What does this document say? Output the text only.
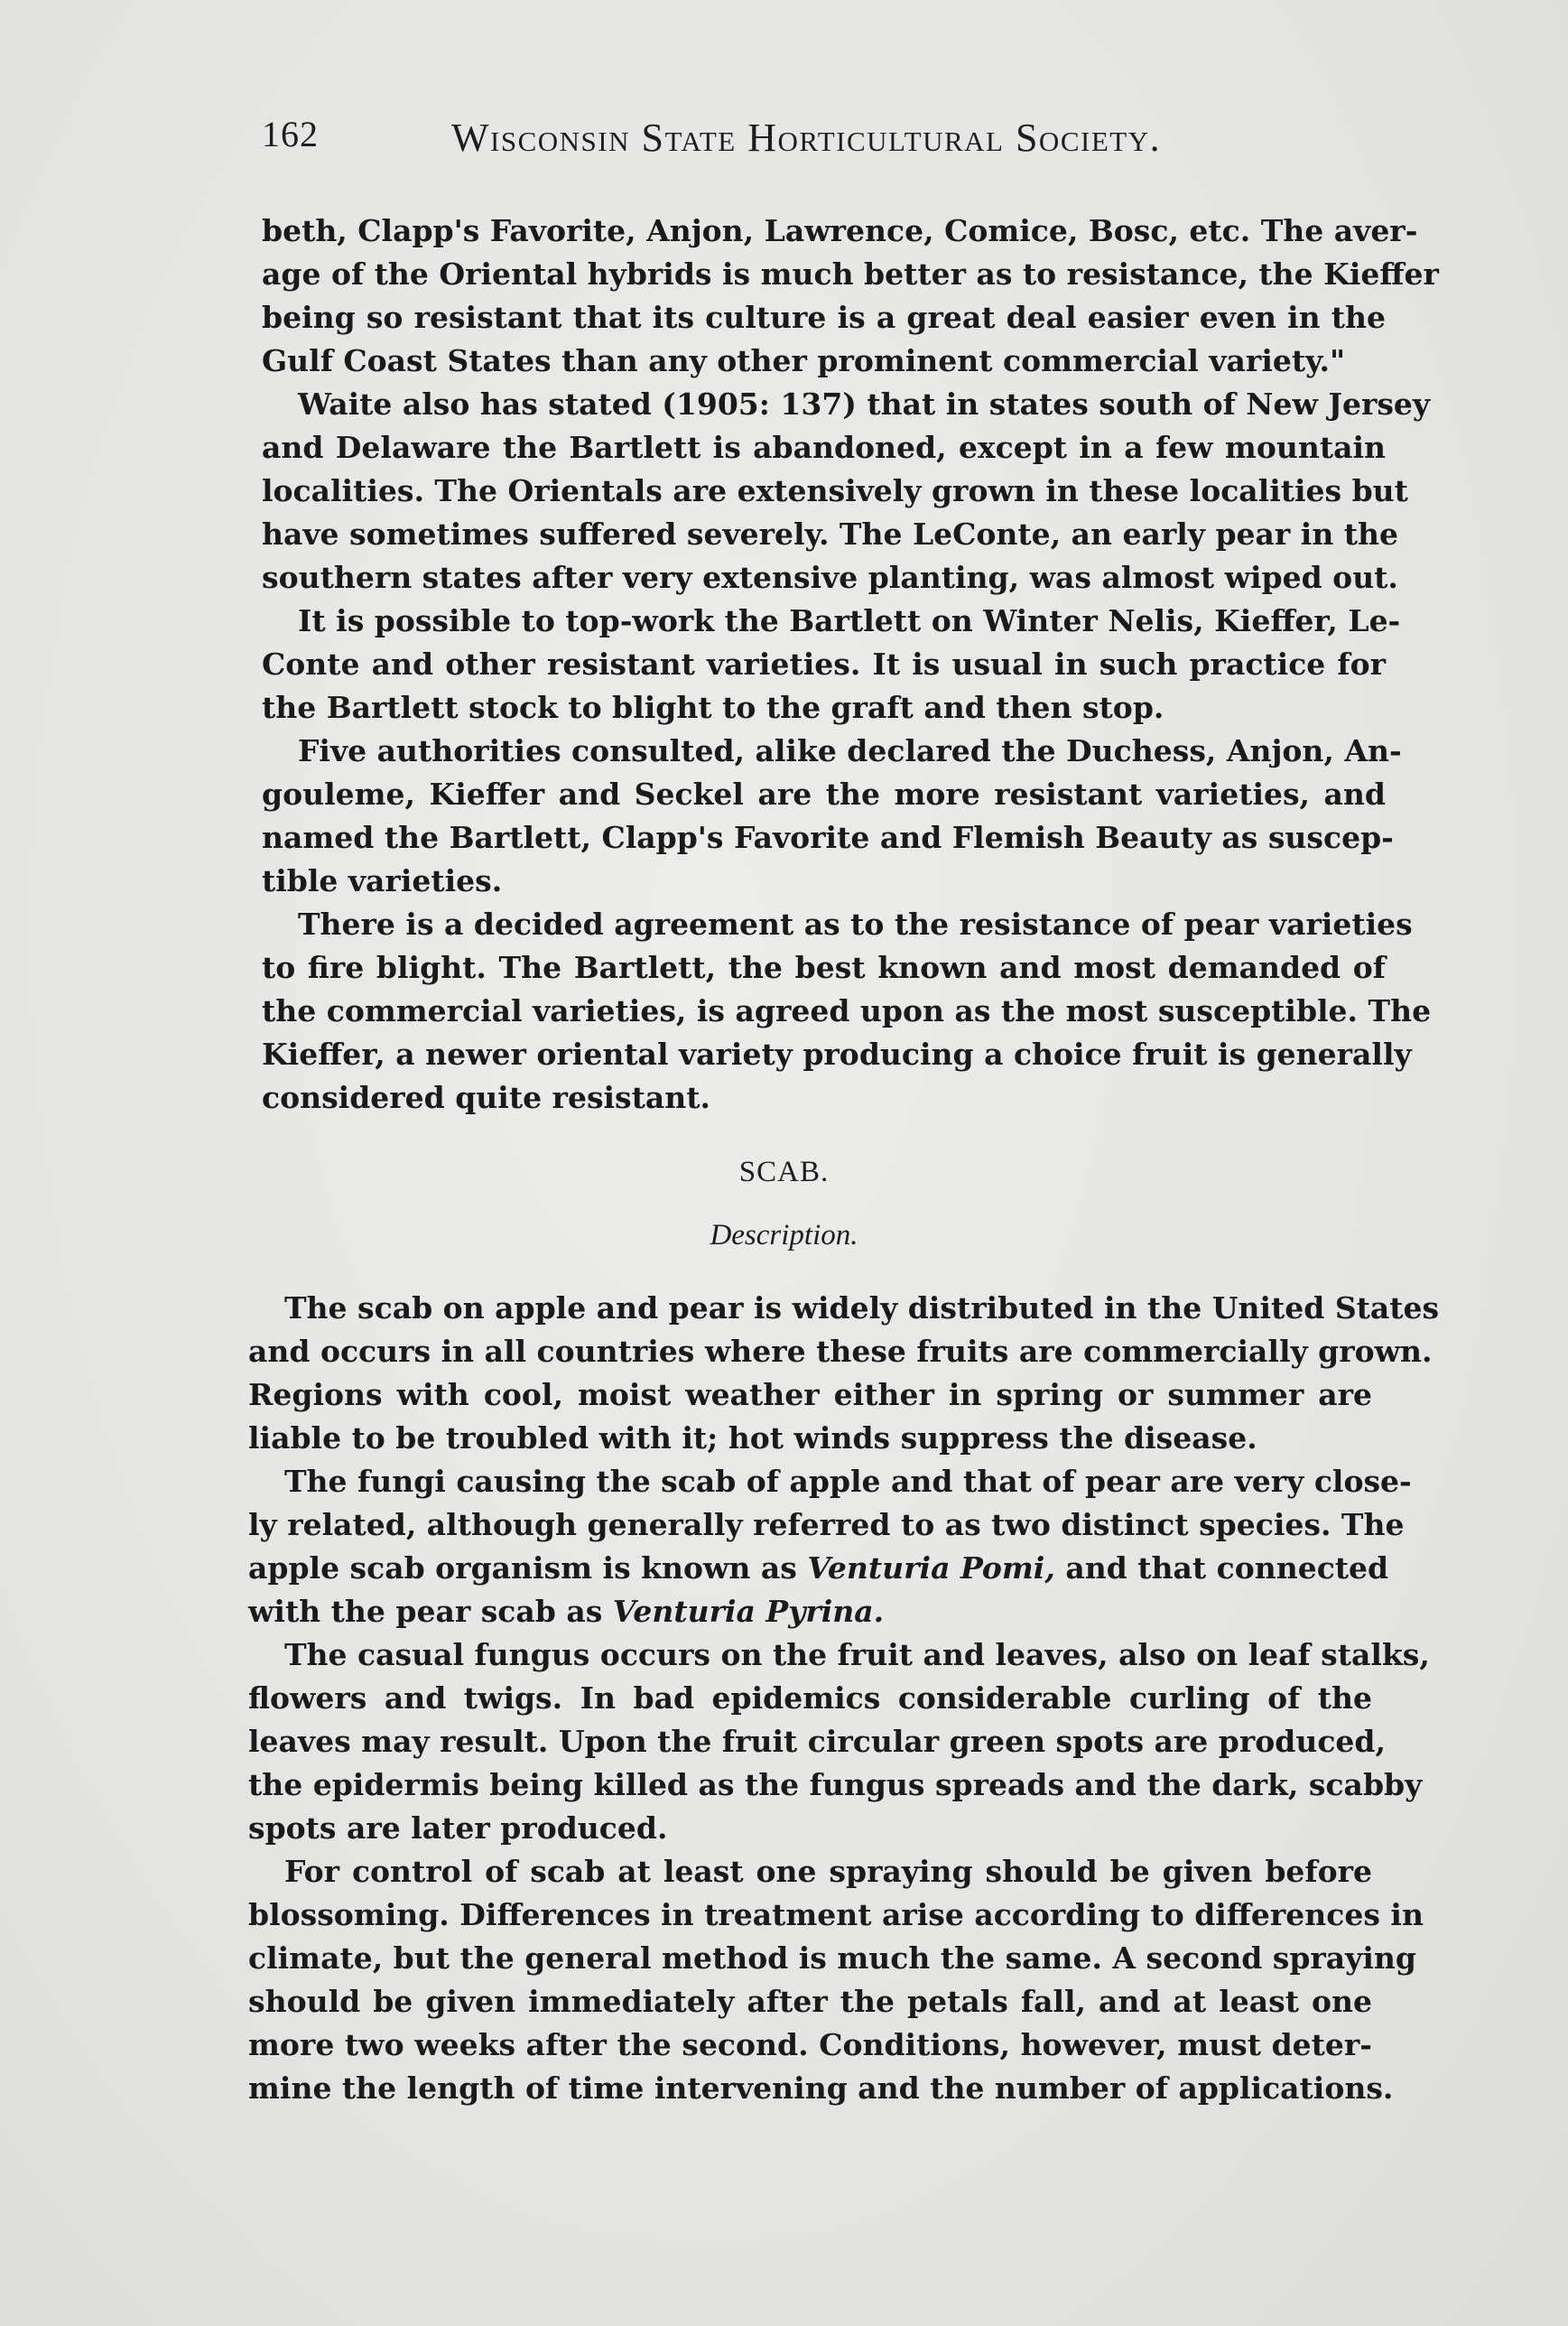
162	Wisconsin State Horticultural Society.

beth, Clapp's Favorite, Anjon, Lawrence, Comice, Bosc, etc. The aver-
age of the Oriental hybrids is much better as to resistance, the Kieffer
being so resistant that its culture is a great deal easier even in the
Gulf Coast States than any other prominent commercial variety."

Waite also has stated (1905: 137) that in states south of New Jersey
and Delaware the Bartlett is abandoned, except in a few mountain
localities. The Orientals are extensively grown in these localities but
have sometimes suffered severely. The LeConte, an early pear in the
southern states after very extensive planting, was almost wiped out.

It is possible to top-work the Bartlett on Winter Nelis, Kieffer, Le-
Conte and other resistant varieties. It is usual in such practice for
the Bartlett stock to blight to the graft and then stop.

Five authorities consulted, alike declared the Duchess, Anjon, An-
gouleme, Kieffer and Seckel are the more resistant varieties, and
named the Bartlett, Clapp's Favorite and Flemish Beauty as suscep-
tible varieties.

There is a decided agreement as to the resistance of pear varieties
to fire blight. The Bartlett, the best known and most demanded of
the commercial varieties, is agreed upon as the most susceptible. The
Kieffer, a newer oriental variety producing a choice fruit is generally
considered quite resistant.

SCAB.
Description.

The scab on apple and pear is widely distributed in the United States
and occurs in all countries where these fruits are commercially grown.
Regions with cool, moist weather either in spring or summer are
liable to be troubled with it; hot winds suppress the disease.

The fungi causing the scab of apple and that of pear are very close-
ly related, although generally referred to as two distinct species. The
apple scab organism is known as Venturia Pomi, and that connected
with the pear scab as Venturia Pyrina.

The casual fungus occurs on the fruit and leaves, also on leaf stalks,
flowers and twigs. In bad epidemics considerable curling of the
leaves may result. Upon the fruit circular green spots are produced,
the epidermis being killed as the fungus spreads and the dark, scabby
spots are later produced.

For control of scab at least one spraying should be given before
blossoming. Differences in treatment arise according to differences in
climate, but the general method is much the same. A second spraying
should be given immediately after the petals fall, and at least one
more two weeks after the second. Conditions, however, must deter-
mine the length of time intervening and the number of applications.
